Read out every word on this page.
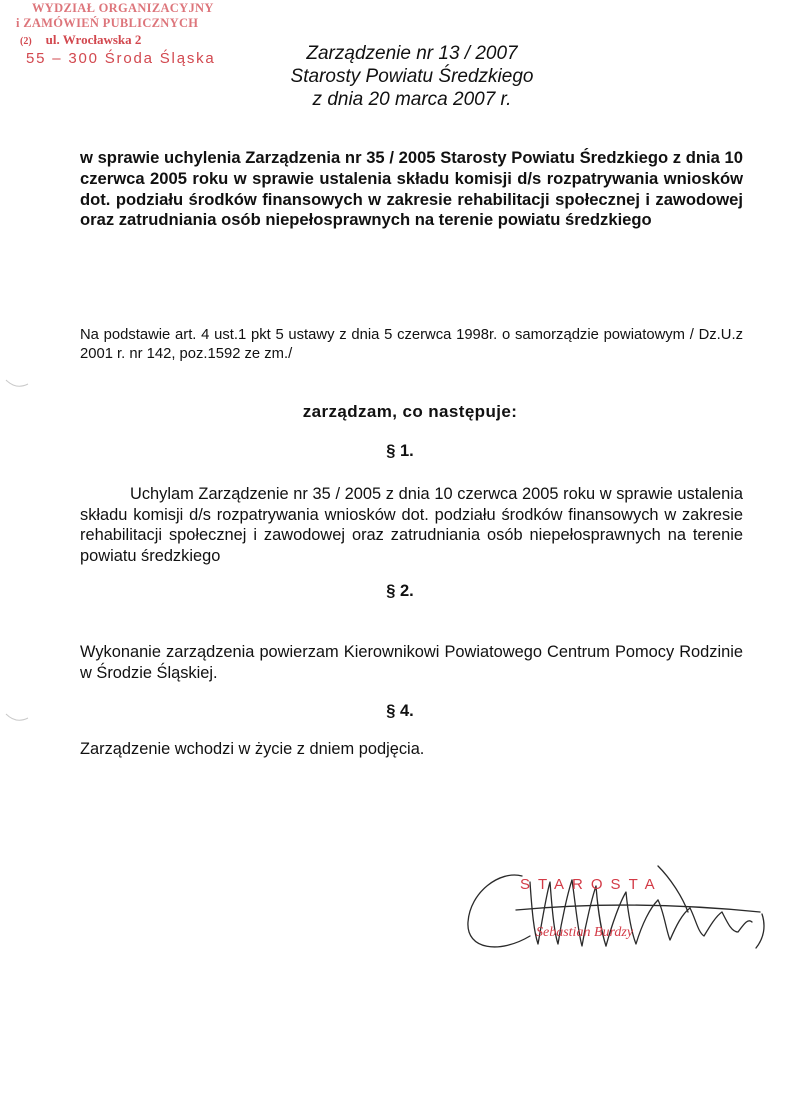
WYDZIAŁ ORGANIZACYJNY
i ZAMÓWIEŃ PUBLICZNYCH
(2) ul. Wrocławska 2
55 – 300 Środa Śląska	Zarządzenie nr 13 / 2007
Starosty Powiatu Średzkiego
z dnia 20 marca 2007 r.
w sprawie uchylenia Zarządzenia nr 35 / 2005 Starosty Powiatu Średzkiego z dnia 10 czerwca 2005 roku w sprawie ustalenia składu komisji d/s rozpatrywania wniosków dot. podziału środków finansowych w zakresie rehabilitacji społecznej i zawodowej oraz zatrudniania osób niepełosprawnych na terenie powiatu średzkiego
Na podstawie art. 4 ust.1 pkt 5 ustawy z dnia 5 czerwca 1998r. o samorządzie powiatowym / Dz.U.z 2001 r. nr 142, poz.1592 ze zm./
zarządzam, co następuje:
§ 1.
Uchylam Zarządzenie nr 35 / 2005 z dnia 10 czerwca 2005 roku w sprawie ustalenia składu komisji d/s rozpatrywania wniosków dot. podziału środków finansowych w zakresie rehabilitacji społecznej i zawodowej oraz zatrudniania osób niepełosprawnych na terenie powiatu średzkiego
§ 2.
Wykonanie zarządzenia powierzam Kierownikowi Powiatowego Centrum Pomocy Rodzinie w Środzie Śląskiej.
§ 4.
Zarządzenie wchodzi w życie z dniem podjęcia.
STAROSTA
Sebastian Burdzy
